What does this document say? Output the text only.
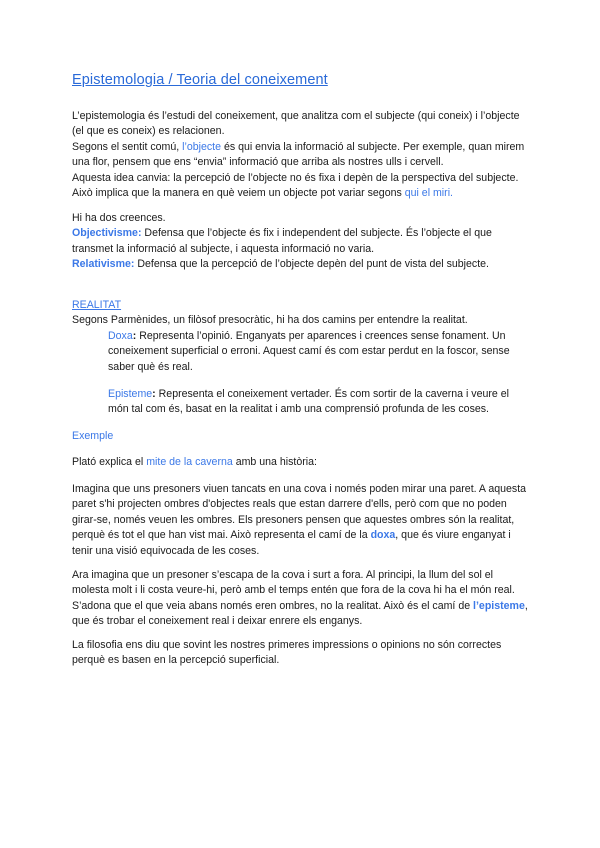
Epistemologia / Teoria del coneixement

L’epistemologia és l’estudi del coneixement, que analitza com el subjecte (qui coneix) i l’objecte (el que es coneix) es relacionen.

Segons el sentit comú, l’objecte és qui envia la informació al subjecte. Per exemple, quan mirem una flor, pensem que ens “envia” informació que arriba als nostres ulls i cervell.

Aquesta idea canvia: la percepció de l’objecte no és fixa i depèn de la perspectiva del subjecte. Això implica que la manera en què veiem un objecte pot variar segons qui el miri.

Hi ha dos creences.

Objectivisme: Defensa que l’objecte és fix i independent del subjecte. És l’objecte el que transmet la informació al subjecte, i aquesta informació no varia.

Relativisme: Defensa que la percepció de l’objecte depèn del punt de vista del subjecte.

REALITAT

Segons Parmènides, un filòsof presocràtic, hi ha dos camins per entendre la realitat.

Doxa: Representa l’opinió. Enganyats per aparences i creences sense fonament. Un coneixement superficial o erroni. Aquest camí és com estar perdut en la foscor, sense saber què és real.

Episteme: Representa el coneixement vertader. És com sortir de la caverna i veure el món tal com és, basat en la realitat i amb una comprensió profunda de les coses.

Exemple

Plató explica el mite de la caverna amb una història:

Imagina que uns presoners viuen tancats en una cova i només poden mirar una paret. A aquesta paret s'hi projecten ombres d'objectes reals que estan darrere d'ells, però com que no poden girar-se, només veuen les ombres. Els presoners pensen que aquestes ombres són la realitat, perquè és tot el que han vist mai. Això representa el camí de la doxa, que és viure enganyat i tenir una visió equivocada de les coses.

Ara imagina que un presoner s’escapa de la cova i surt a fora. Al principi, la llum del sol el molesta molt i li costa veure-hi, però amb el temps entén que fora de la cova hi ha el món real. S’adona que el que veia abans només eren ombres, no la realitat. Això és el camí de l’episteme, que és trobar el coneixement real i deixar enrere els enganys.

La filosofia ens diu que sovint les nostres primeres impressions o opinions no són correctes perquè es basen en la percepció superficial.
